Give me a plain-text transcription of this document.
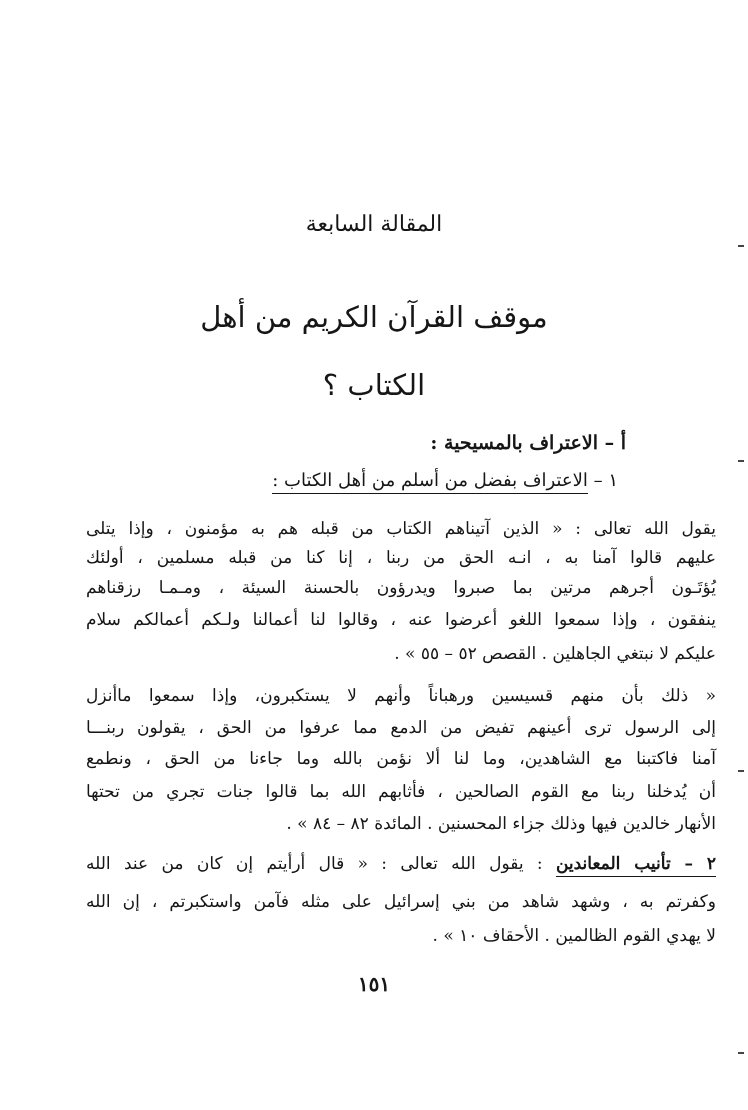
المقالة السابعة
موقف القرآن الكريم من أهل
الكتاب ؟
أ – الاعتراف بالمسيحية :
١ – الاعتراف بفضل من أسلم من أهل الكتاب :
يقول الله تعالى : « الذين آتيناهم الكتاب من قبله هم به مؤمنون ، وإذا يتلى
عليهم قالوا آمنا به ، انـه الحق من ربنا ، إنا كنا من قبله مسلمين ، أولئك
يُؤتَـون أجرهم مرتين بما صبروا ويدرؤون بالحسنة السيئة ، ومـمـا رزقناهم
ينفقون ، وإذا سمعوا اللغو أعرضوا عنه ، وقالوا لنا أعمالنا ولـكم أعمالكم سلام
عليكم لا نبتغي الجاهلين . القصص ٥٢ – ٥٥ » .
« ذلك بأن منهم قسيسين ورهباناً وأنهم لا يستكبرون، وإذا سمعوا ماأنزل
إلى الرسول ترى أعينهم تفيض من الدمع مما عرفوا من الحق ، يقولون ربنـــا
آمنا فاكتبنا مع الشاهدين، وما لنا ألا نؤمن بالله وما جاءنا من الحق ، ونطمع
أن يُدخلنا ربنا مع القوم الصالحين ، فأثابهم الله بما قالوا جنات تجري من تحتها
الأنهار خالدين فيها وذلك جزاء المحسنين . المائدة ٨٢ – ٨٤ » .
٢ – تأنيب المعاندين : يقول الله تعالى : « قال أرأيتم إن كان من عند الله
وكفرتم به ، وشهد شاهد من بني إسرائيل على مثله فآمن واستكبرتم ، إن الله
لا يهدي القوم الظالمين . الأحقاف ١٠ » .
١٥١
